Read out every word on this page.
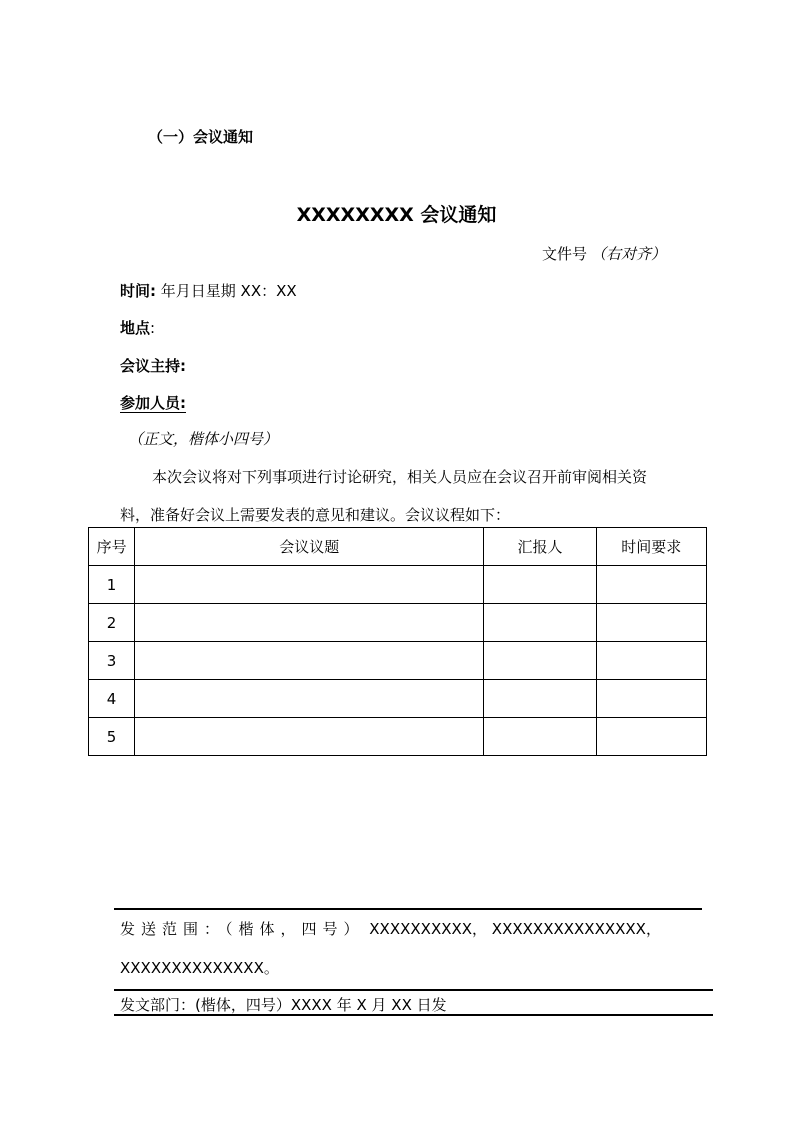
（一）会议通知
XXXXXXXX 会议通知
文件号 （右对齐）
时间: 年月日星期 XX：XX
地点:
会议主持:
参加人员:
（正文，楷体小四号）
本次会议将对下列事项进行讨论研究，相关人员应在会议召开前审阅相关资
料，准备好会议上需要发表的意见和建议。会议议程如下：
序号	会议议题	汇报人	时间要求
1			
2			
3			
4			
5			
发送范围：（楷体，四号） XXXXXXXXXX， XXXXXXXXXXXXXXX，
XXXXXXXXXXXXXX。
发文部门：(楷体，四号）XXXX 年 X 月 XX 日发
